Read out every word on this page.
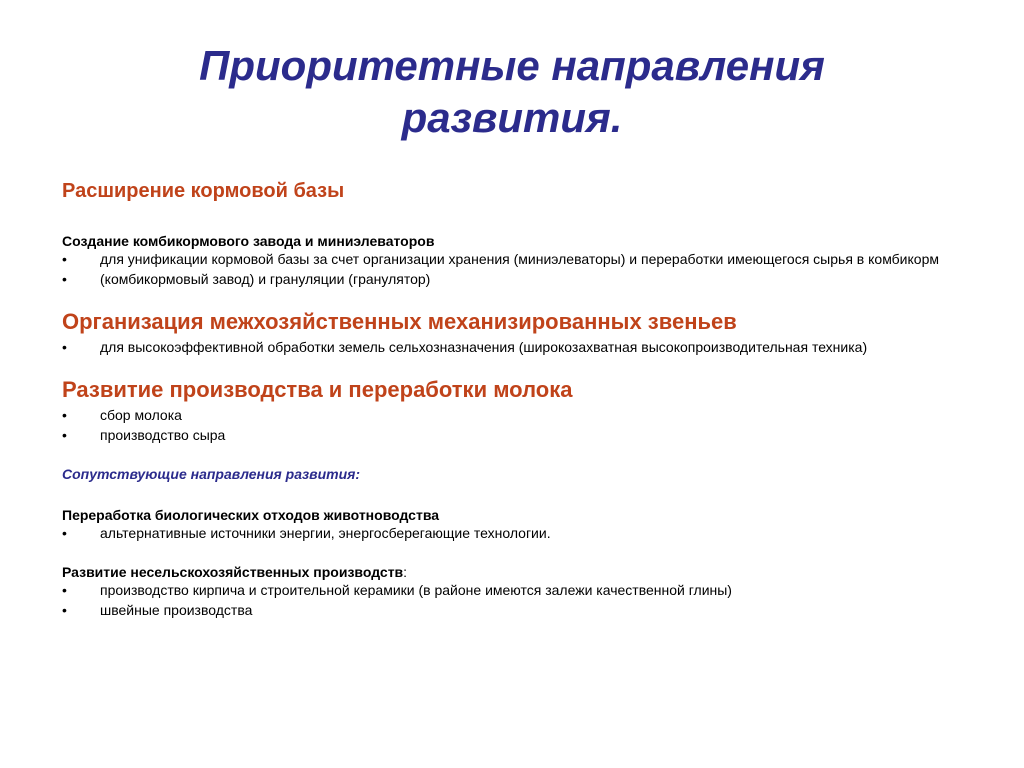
Приоритетные направления
развития.
Расширение кормовой базы
Создание комбикормового завода и миниэлеваторов
• для унификации кормовой базы за счет организации хранения (миниэлеваторы) и переработки имеющегося сырья в комбикорм
• (комбикормовый завод) и грануляции (гранулятор)
Организация межхозяйственных механизированных звеньев
• для высокоэффективной обработки земель сельхозназначения (широкозахватная высокопроизводительная техника)
Развитие производства и переработки молока
• сбор молока
• производство сыра
Сопутствующие направления развития:
Переработка биологических отходов животноводства
• альтернативные источники энергии, энергосберегающие технологии.
Развитие несельскохозяйственных производств:
• производство кирпича и строительной керамики (в районе имеются залежи качественной глины)
• швейные производства
